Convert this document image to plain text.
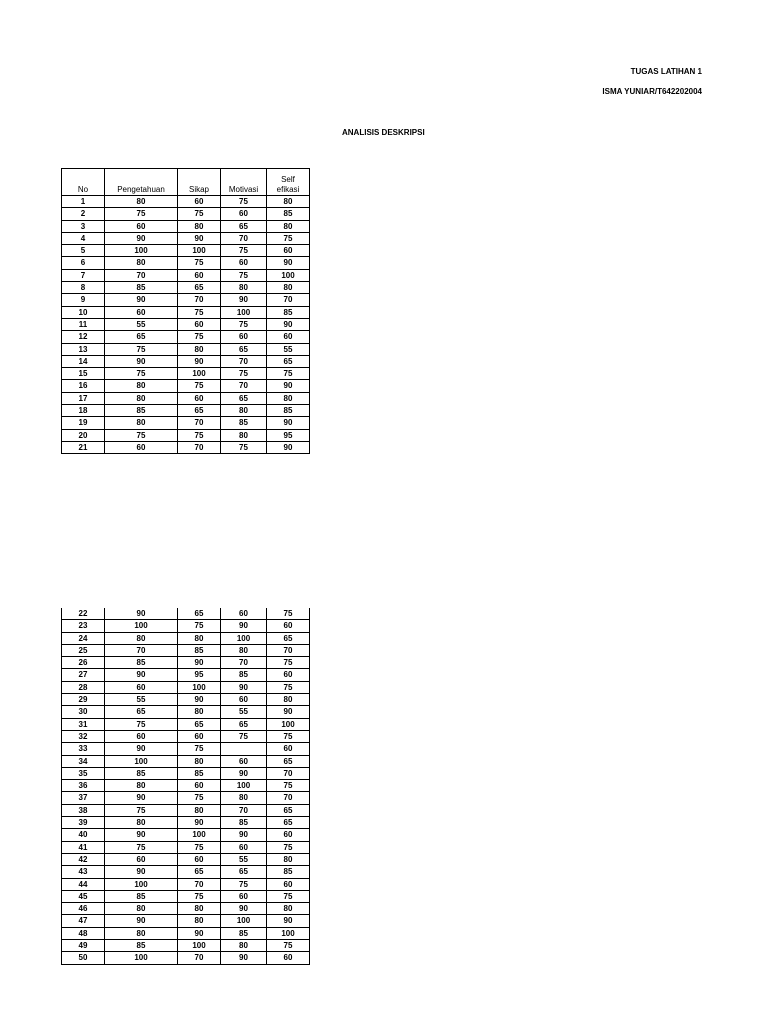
TUGAS LATIHAN 1
ISMA YUNIAR/T642202004
ANALISIS DESKRIPSI
No	Pengetahuan	Sikap	Motivasi	Self efikasi
1	80	60	75	80
2	75	75	60	85
3	60	80	65	80
4	90	90	70	75
5	100	100	75	60
6	80	75	60	90
7	70	60	75	100
8	85	65	80	80
9	90	70	90	70
10	60	75	100	85
11	55	60	75	90
12	65	75	60	60
13	75	80	65	55
14	90	90	70	65
15	75	100	75	75
16	80	75	70	90
17	80	60	65	80
18	85	65	80	85
19	80	70	85	90
20	75	75	80	95
21	60	70	75	90
22	90	65	60	75
23	100	75	90	60
24	80	80	100	65
25	70	85	80	70
26	85	90	70	75
27	90	95	85	60
28	60	100	90	75
29	55	90	60	80
30	65	80	55	90
31	75	65	65	100
32	60	60	75	75
33	90	75		60
34	100	80	60	65
35	85	85	90	70
36	80	60	100	75
37	90	75	80	70
38	75	80	70	65
39	80	90	85	65
40	90	100	90	60
41	75	75	60	75
42	60	60	55	80
43	90	65	65	85
44	100	70	75	60
45	85	75	60	75
46	80	80	90	80
47	90	80	100	90
48	80	90	85	100
49	85	100	80	75
50	100	70	90	60
